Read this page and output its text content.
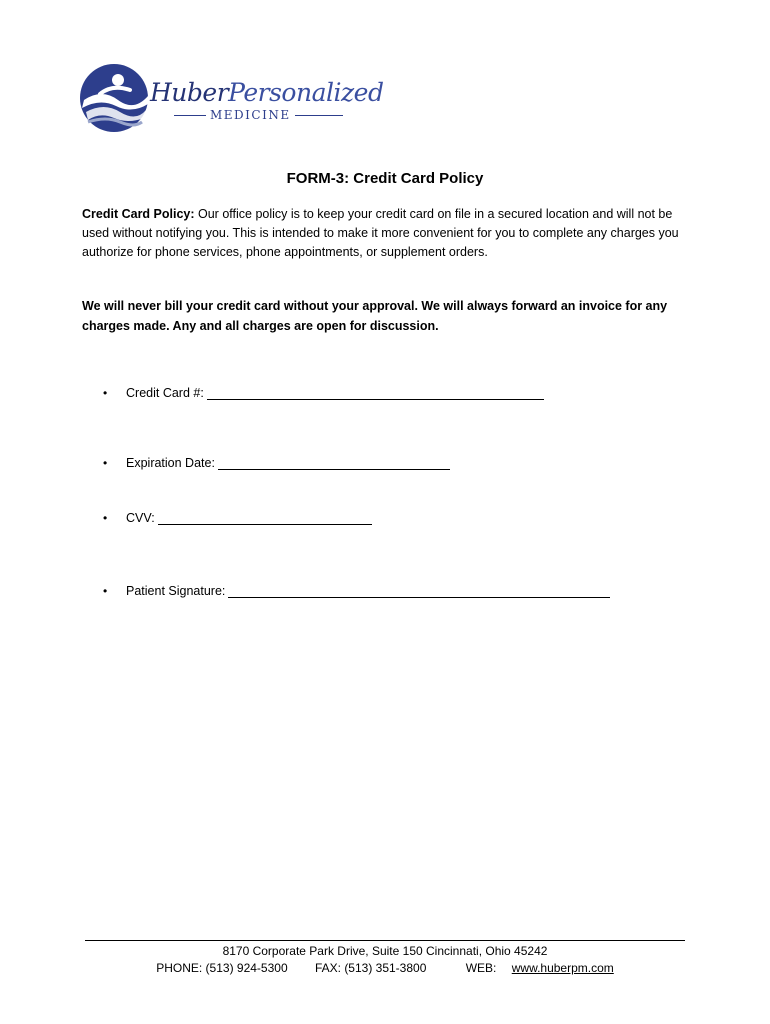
HuberPersonalized
MEDICINE
FORM-3: Credit Card Policy

Credit Card Policy: Our office policy is to keep your credit card on file in a secured location and will not be used without notifying you. This is intended to make it more convenient for you to complete any charges you authorize for phone services, phone appointments, or supplement orders.

We will never bill your credit card without your approval. We will always forward an invoice for any charges made. Any and all charges are open for discussion.

•	Credit Card #:
•	Expiration Date:
•	CVV:
•	Patient Signature:
8170 Corporate Park Drive, Suite 150 Cincinnati, Ohio 45242
PHONE: (513) 924-5300 FAX: (513) 351-3800	WEB: www.huberpm.com
